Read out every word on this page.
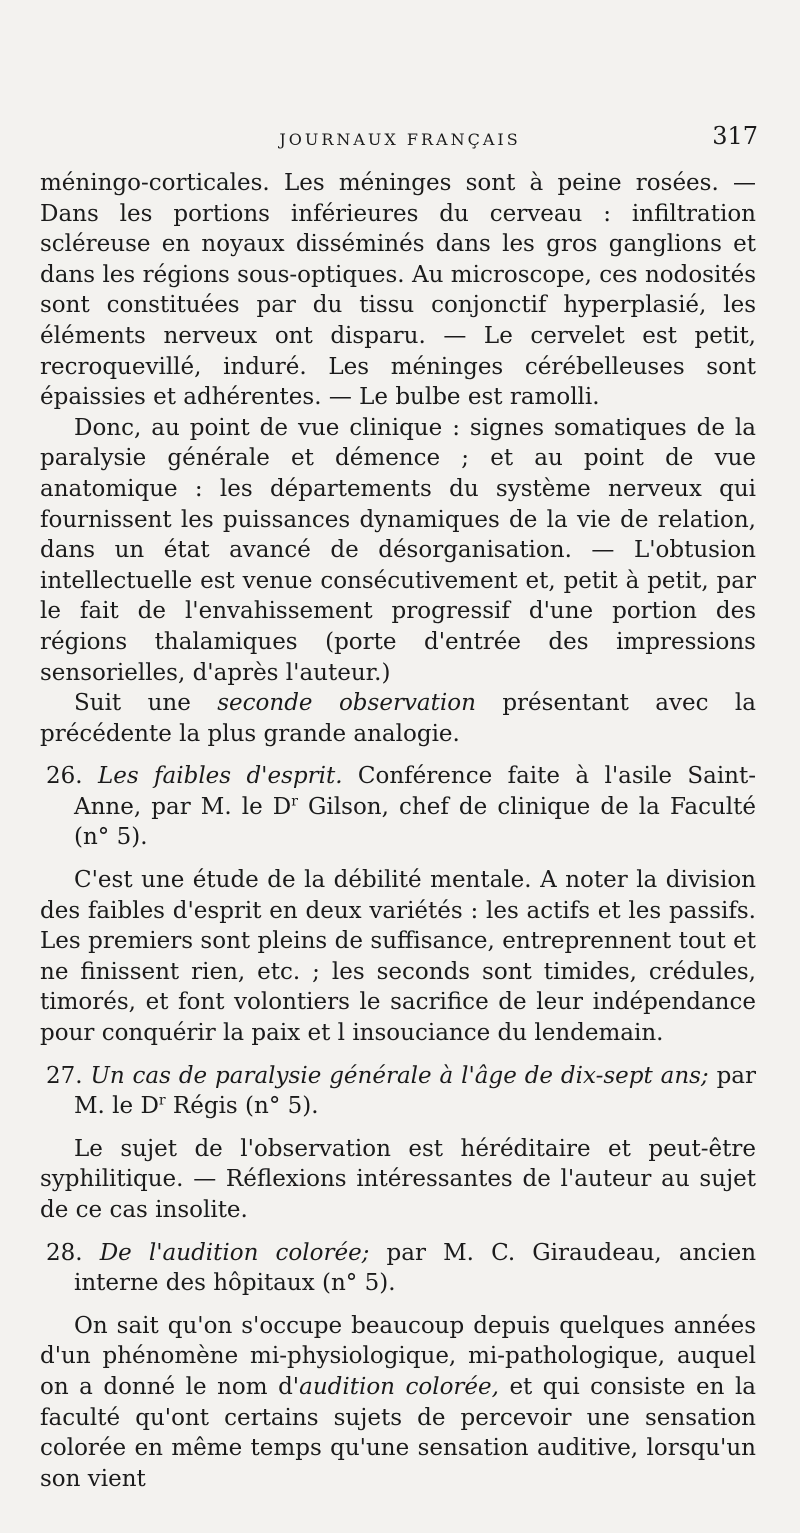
JOURNAUX FRANÇAIS	317

méningo-corticales. Les méninges sont à peine rosées. — Dans les portions inférieures du cerveau : infiltration scléreuse en noyaux disséminés dans les gros ganglions et dans les régions sous-optiques. Au microscope, ces nodosités sont constituées par du tissu conjonctif hyperplasié, les éléments nerveux ont disparu. — Le cervelet est petit, recroquevillé, induré. Les méninges cérébelleuses sont épaissies et adhérentes. — Le bulbe est ramolli.

Donc, au point de vue clinique : signes somatiques de la paralysie générale et démence ; et au point de vue anatomique : les départements du système nerveux qui fournissent les puissances dynamiques de la vie de relation, dans un état avancé de désorganisation. — L'obtusion intellectuelle est venue consécutivement et, petit à petit, par le fait de l'envahissement progressif d'une portion des régions thalamiques (porte d'entrée des impressions sensorielles, d'après l'auteur.)

Suit une seconde observation présentant avec la précédente la plus grande analogie.

26. Les faibles d'esprit. Conférence faite à l'asile Saint-Anne, par M. le $D^r$ Gilson, chef de clinique de la Faculté (n° 5).

C'est une étude de la débilité mentale. A noter la division des faibles d'esprit en deux variétés : les actifs et les passifs. Les premiers sont pleins de suffisance, entreprennent tout et ne finissent rien, etc. ; les seconds sont timides, crédules, timorés, et font volontiers le sacrifice de leur indépendance pour conquérir la paix et l insouciance du lendemain.

27. Un cas de paralysie générale à l'âge de dix-sept ans; par M. le $D^r$ Régis (n° 5).

Le sujet de l'observation est héréditaire et peut-être syphilitique. — Réflexions intéressantes de l'auteur au sujet de ce cas insolite.

28. De l'audition colorée; par M. C. Giraudeau, ancien interne des hôpitaux (n° 5).

On sait qu'on s'occupe beaucoup depuis quelques années d'un phénomène mi-physiologique, mi-pathologique, auquel on a donné le nom d'audition colorée, et qui consiste en la faculté qu'ont certains sujets de percevoir une sensation colorée en même temps qu'une sensation auditive, lorsqu'un son vient
